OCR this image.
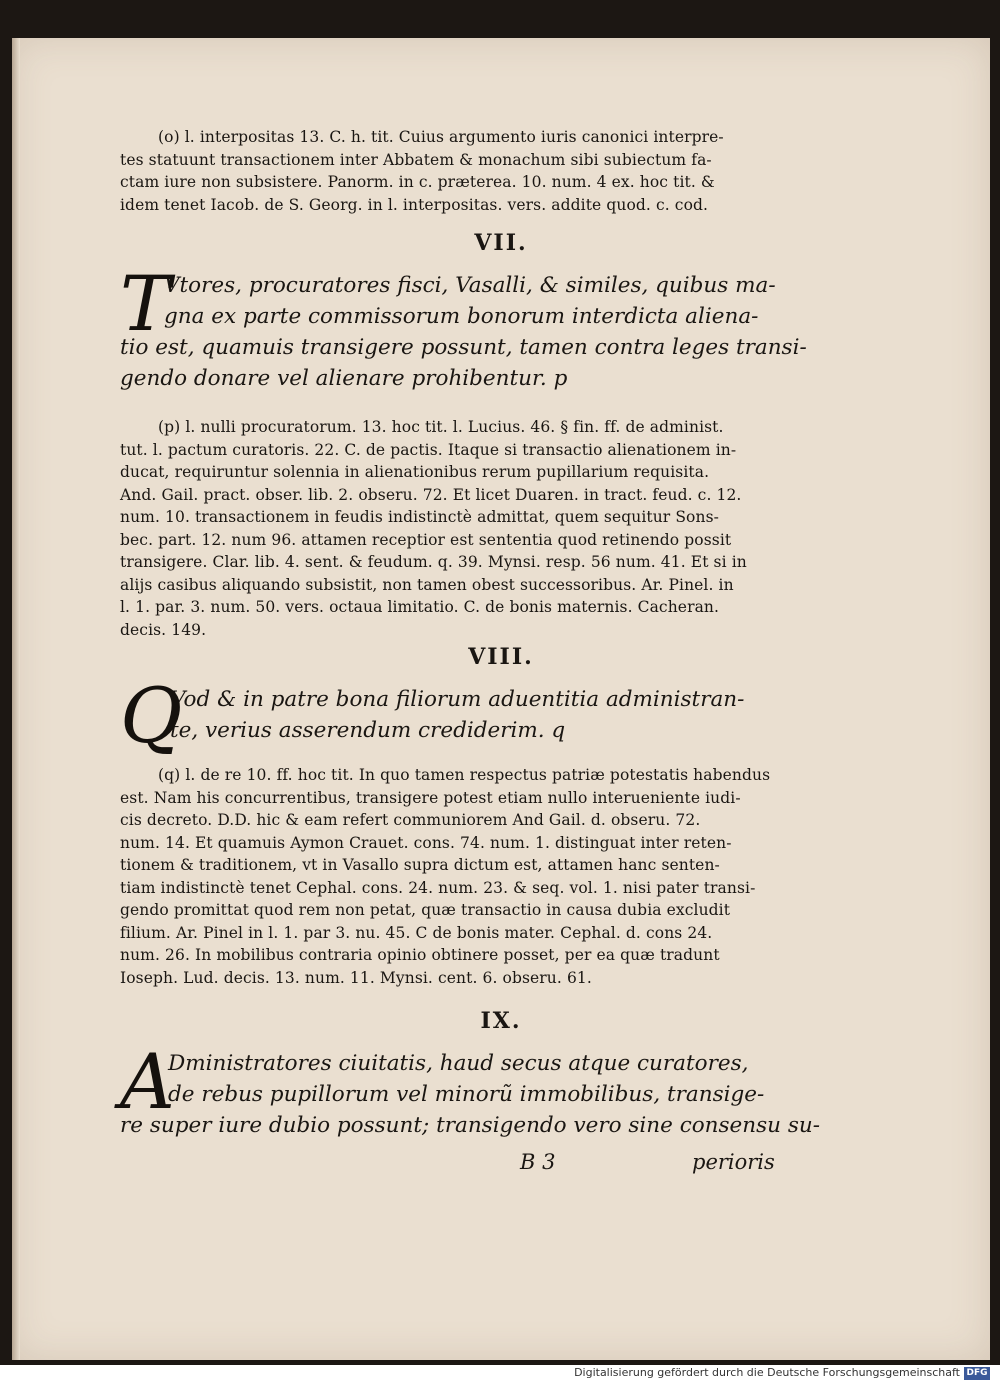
(o) l. interpositas 13. C. h. tit. Cuius argumento iuris canonici interpre-
tes statuunt transactionem inter Abbatem & monachum sibi subiectum fa-
ctam iure non subsistere. Panorm. in c. præterea. 10. num. 4 ex. hoc tit. &
idem tenet Iacob. de S. Georg. in l. interpositas. vers. addite quod. c. cod.
VII.
T
Vtores, procuratores fisci, Vasalli, & similes, quibus ma-
gna ex parte commissorum bonorum interdicta aliena-
tio est, quamuis transigere possunt, tamen contra leges transi-
gendo donare vel alienare prohibentur. p
(p) l. nulli procuratorum. 13. hoc tit. l. Lucius. 46. § fin. ff. de administ.
tut. l. pactum curatoris. 22. C. de pactis. Itaque si transactio alienationem in-
ducat, requiruntur solennia in alienationibus rerum pupillarium requisita.
And. Gail. pract. obser. lib. 2. obseru. 72. Et licet Duaren. in tract. feud. c. 12.
num. 10. transactionem in feudis indistinctè admittat, quem sequitur Sons-
bec. part. 12. num 96. attamen receptior est sententia quod retinendo possit
transigere. Clar. lib. 4. sent. & feudum. q. 39. Mynsi. resp. 56 num. 41. Et si in
alijs casibus aliquando subsistit, non tamen obest successoribus. Ar. Pinel. in
l. 1. par. 3. num. 50. vers. octaua limitatio. C. de bonis maternis. Cacheran.
decis. 149.
VIII.
Q
Vod & in patre bona filiorum aduentitia administran-
te, verius asserendum crediderim. q
(q) l. de re 10. ff. hoc tit. In quo tamen respectus patriæ potestatis habendus
est. Nam his concurrentibus, transigere potest etiam nullo interueniente iudi-
cis decreto. D.D. hic & eam refert communiorem And Gail. d. obseru. 72.
num. 14. Et quamuis Aymon Crauet. cons. 74. num. 1. distinguat inter reten-
tionem & traditionem, vt in Vasallo supra dictum est, attamen hanc senten-
tiam indistinctè tenet Cephal. cons. 24. num. 23. & seq. vol. 1. nisi pater transi-
gendo promittat quod rem non petat, quæ transactio in causa dubia excludit
filium. Ar. Pinel in l. 1. par 3. nu. 45. C de bonis mater. Cephal. d. cons 24.
num. 26. In mobilibus contraria opinio obtinere posset, per ea quæ tradunt
Ioseph. Lud. decis. 13. num. 11. Mynsi. cent. 6. obseru. 61.
IX.
A
Dministratores ciuitatis, haud secus atque curatores,
de rebus pupillorum vel minorũ immobilibus, transige-
re super iure dubio possunt; transigendo vero sine consensu su-
B 3	perioris
Digitalisierung gefördert durch die Deutsche Forschungsgemeinschaft DFG
